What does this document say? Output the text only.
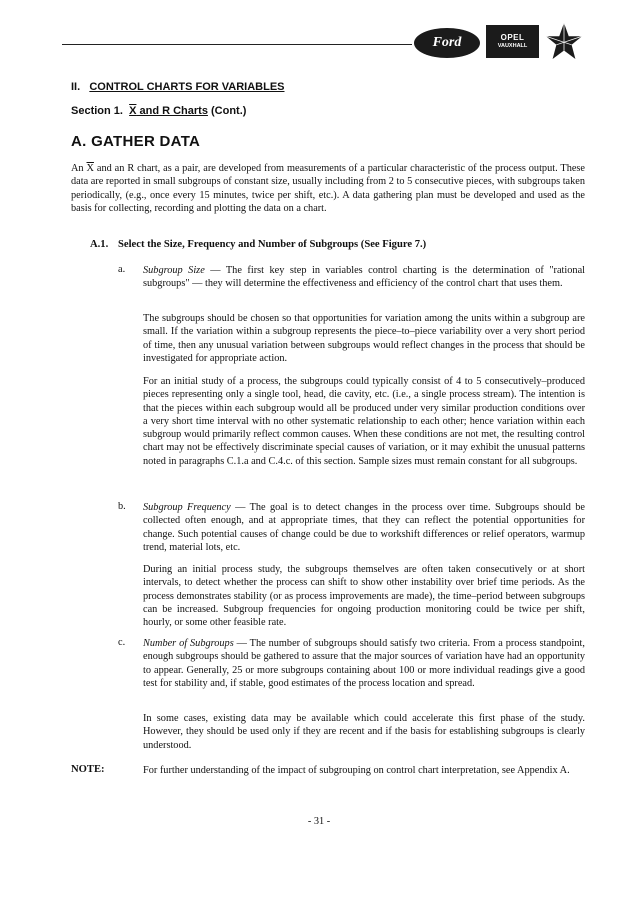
Ford	OPEL
VAUXHALL
II. CONTROL CHARTS FOR VARIABLES
Section 1. X and R Charts (Cont.)
A. GATHER DATA
An $\overline{X}$ and an R chart, as a pair, are developed from measurements of a particular characteristic of the process output. These data are reported in small subgroups of constant size, usually including from 2 to 5 consecutive pieces, with subgroups taken periodically, (e.g., once every 15 minutes, twice per shift, etc.). A data gathering plan must be developed and used as the basis for collecting, recording and plotting the data on a chart.
A.1. Select the Size, Frequency and Number of Subgroups (See Figure 7.)
a. Subgroup Size — The first key step in variables control charting is the determination of "rational subgroups" — they will determine the effectiveness and efficiency of the control chart that uses them.
The subgroups should be chosen so that opportunities for variation among the units within a subgroup are small. If the variation within a subgroup represents the piece–to–piece variability over a very short period of time, then any unusual variation between subgroups would reflect changes in the process that should be investigated for appropriate action.
For an initial study of a process, the subgroups could typically consist of 4 to 5 consecutively–produced pieces representing only a single tool, head, die cavity, etc. (i.e., a single process stream). The intention is that the pieces within each subgroup would all be produced under very similar production conditions over a very short time interval with no other systematic relationship to each other; hence variation within each subgroup would primarily reflect common causes. When these conditions are not met, the resulting control chart may not be effectively discriminate special causes of variation, or it may exhibit the unusual patterns noted in paragraphs C.1.a and C.4.c. of this section. Sample sizes must remain constant for all subgroups.
b. Subgroup Frequency — The goal is to detect changes in the process over time. Subgroups should be collected often enough, and at appropriate times, that they can reflect the potential opportunities for change. Such potential causes of change could be due to workshift differences or relief operators, warmup trend, material lots, etc.
During an initial process study, the subgroups themselves are often taken consecutively or at short intervals, to detect whether the process can shift to show other instability over brief time periods. As the process demonstrates stability (or as process improvements are made), the time–period between subgroups can be increased. Subgroup frequencies for ongoing production monitoring could be twice per shift, hourly, or some other feasible rate.
c. Number of Subgroups — The number of subgroups should satisfy two criteria. From a process standpoint, enough subgroups should be gathered to assure that the major sources of variation have had an opportunity to appear. Generally, 25 or more subgroups containing about 100 or more individual readings give a good test for stability and, if stable, good estimates of the process location and spread.
In some cases, existing data may be available which could accelerate this first phase of the study. However, they should be used only if they are recent and if the basis for establishing subgroups is clearly understood.
NOTE:	For further understanding of the impact of subgrouping on control chart interpretation, see Appendix A.
- 31 -
